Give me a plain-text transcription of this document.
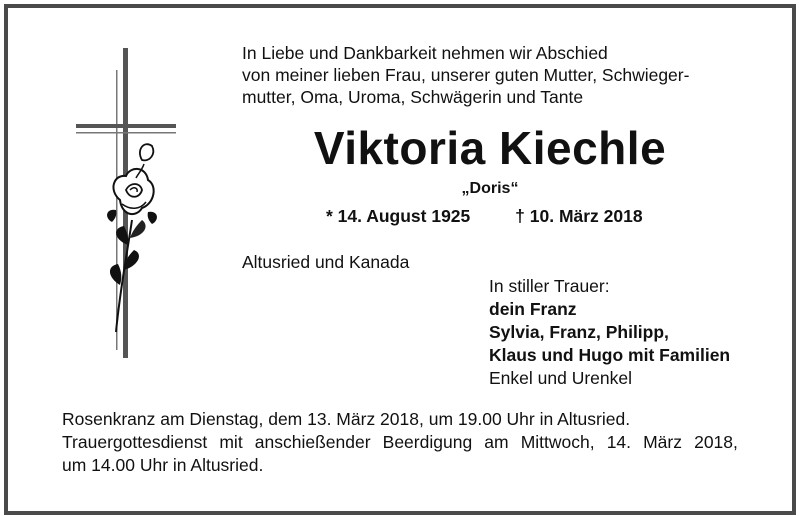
In Liebe und Dankbarkeit nehmen wir Abschied
von meiner lieben Frau, unserer guten Mutter, Schwieger-
mutter, Oma, Uroma, Schwägerin und Tante
Viktoria Kiechle
„Doris“
* 14. August 1925	† 10. März 2018
Altusried und Kanada
In stiller Trauer:
dein Franz
Sylvia, Franz, Philipp,
Klaus und Hugo mit Familien
Enkel und Urenkel
Rosenkranz am Dienstag, dem 13. März 2018, um 19.00 Uhr in Altusried.
Trauergottesdienst mit anschießender Beerdigung am Mittwoch, 14. März 2018,
um 14.00 Uhr in Altusried.
